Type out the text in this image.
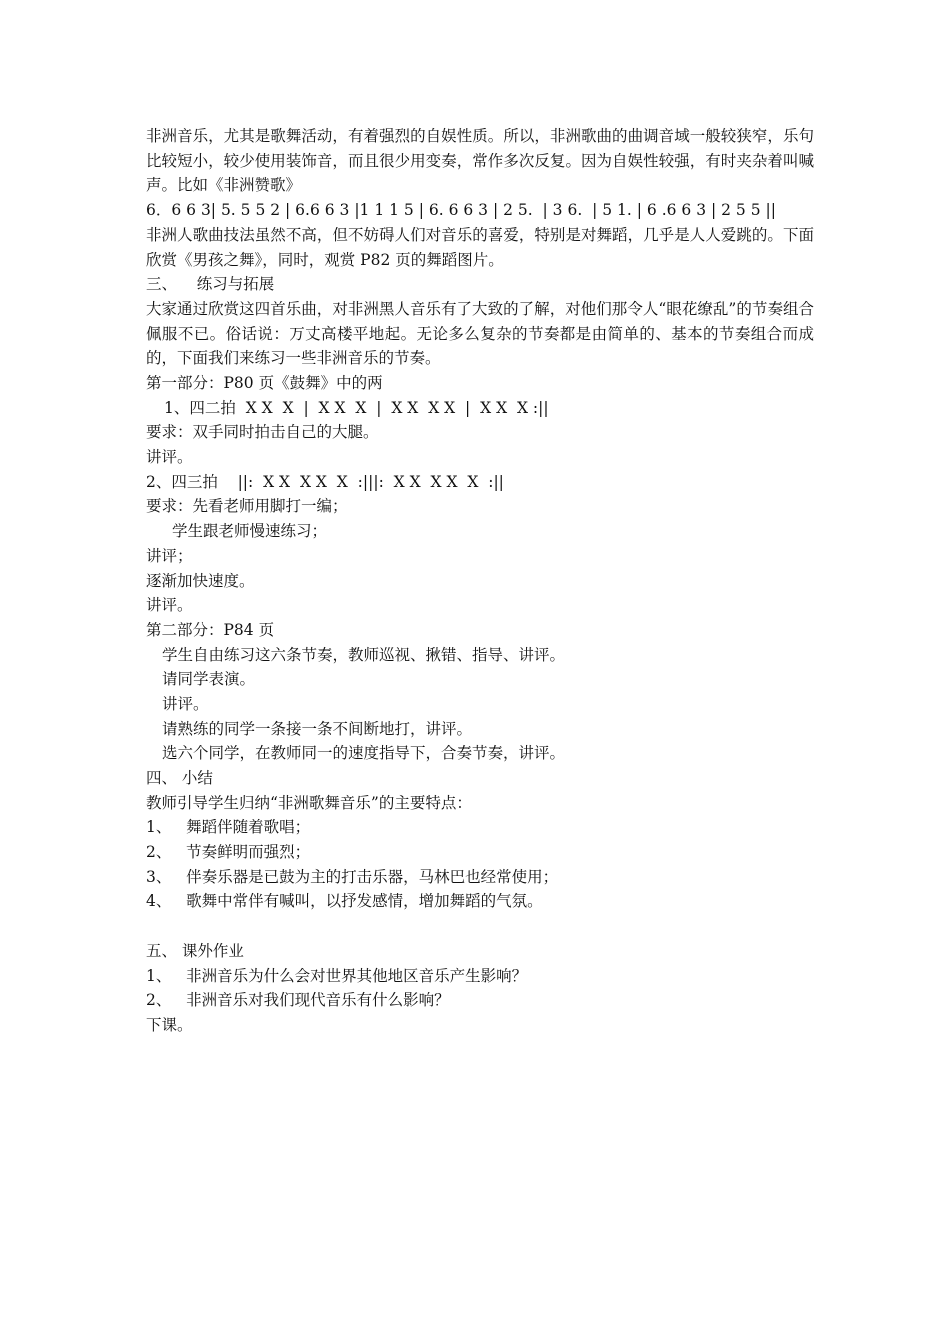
非洲音乐，尤其是歌舞活动，有着强烈的自娱性质。所以，非洲歌曲的曲调音域一般较狭窄，乐句比较短小，较少使用装饰音，而且很少用变奏，常作多次反复。因为自娱性较强，有时夹杂着叫喊声。比如《非洲赞歌》
6．6 6 3| 5. 5 5 2 | 6.6 6 3 |1 1 1 5 | 6. 6 6 3 | 2 5.  | 3 6.  | 5 1. | 6 .6 6 3 | 2 5 5 ||
非洲人歌曲技法虽然不高，但不妨碍人们对音乐的喜爱，特别是对舞蹈，几乎是人人爱跳的。下面欣赏《男孩之舞》，同时，观赏 P82 页的舞蹈图片。
三、    练习与拓展
大家通过欣赏这四首乐曲，对非洲黑人音乐有了大致的了解，对他们那令人“眼花缭乱”的节奏组合佩服不已。俗话说：万丈高楼平地起。无论多么复杂的节奏都是由简单的、基本的节奏组合而成的，下面我们来练习一些非洲音乐的节奏。
第一部分：P80 页《鼓舞》中的两
1、四二拍  X X  X  |  X X  X  |  X X  X X  |  X X  X :||
要求：双手同时拍击自己的大腿。
讲评。
2、四三拍    ||:  X X  X X  X  :|||:  X X  X X  X  :||
要求：先看老师用脚打一编；
学生跟老师慢速练习；
讲评；
逐渐加快速度。
讲评。
第二部分：P84 页
学生自由练习这六条节奏，教师巡视、揪错、指导、讲评。
请同学表演。
讲评。
请熟练的同学一条接一条不间断地打，讲评。
选六个同学，在教师同一的速度指导下，合奏节奏，讲评。
四、 小结
教师引导学生归纳“非洲歌舞音乐”的主要特点：
1、   舞蹈伴随着歌唱；
2、   节奏鲜明而强烈；
3、   伴奏乐器是已鼓为主的打击乐器，马林巴也经常使用；
4、   歌舞中常伴有喊叫，以抒发感情，增加舞蹈的气氛。
五、 课外作业
1、   非洲音乐为什么会对世界其他地区音乐产生影响？
2、   非洲音乐对我们现代音乐有什么影响？
下课。
